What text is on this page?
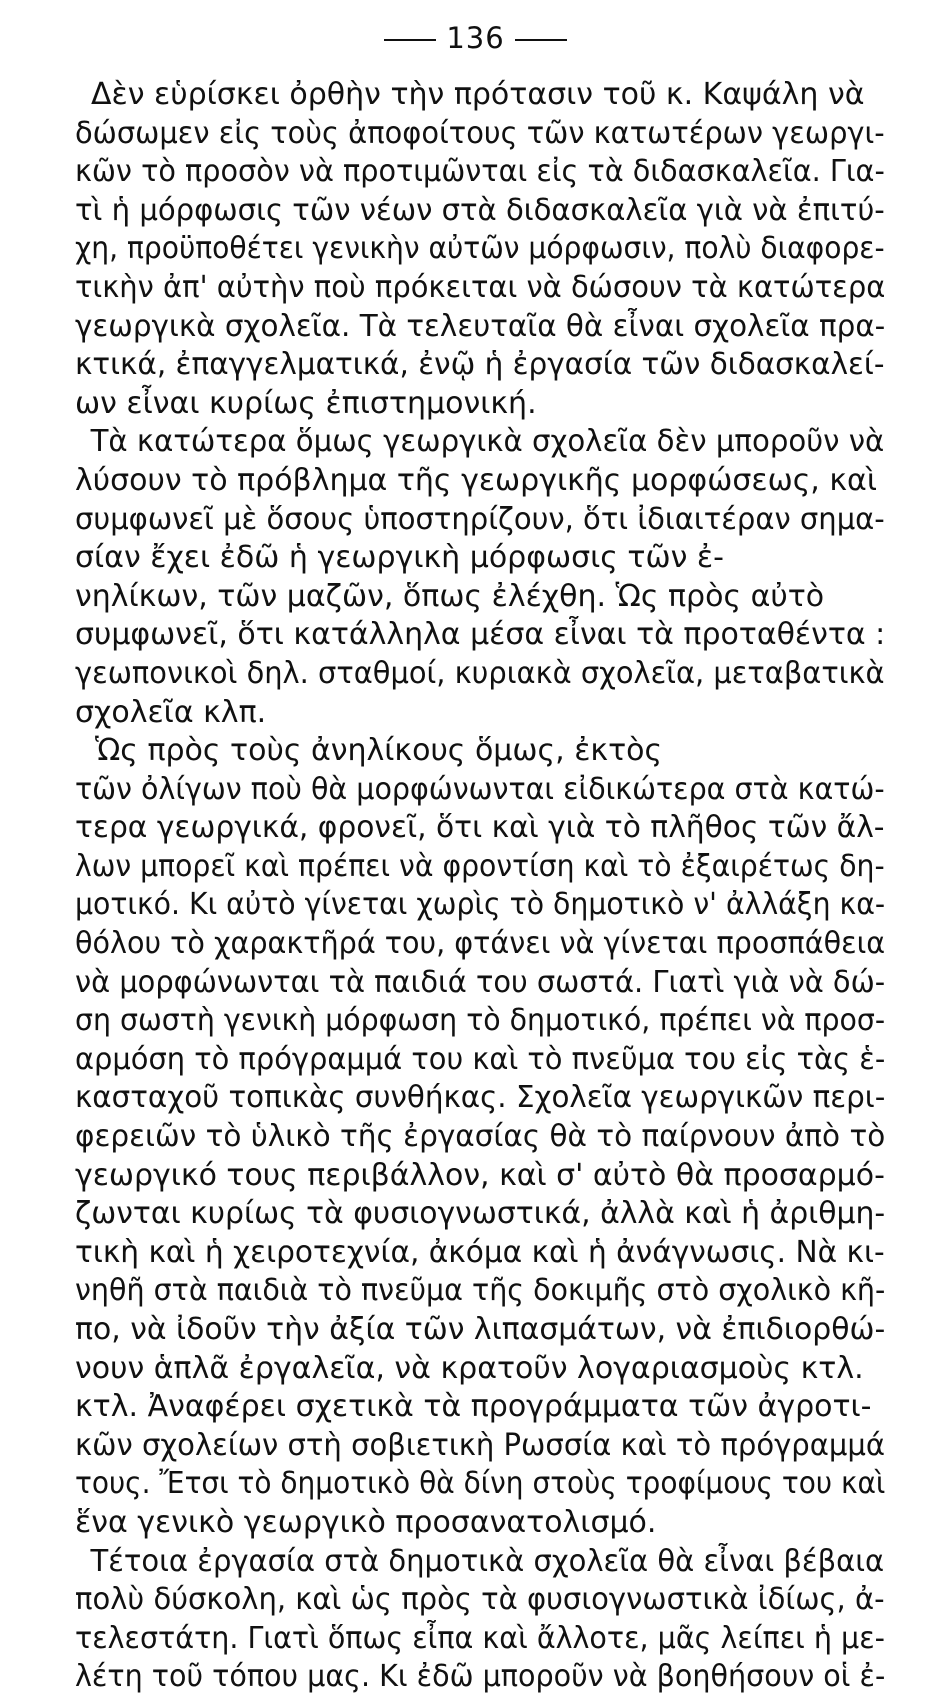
136
Δὲν εὑρίσκει ὀρθὴν τὴν πρότασιν τοῦ κ. Καψάλη νὰ
δώσωμεν εἰς τοὺς ἀποφοίτους τῶν κατωτέρων γεωργι-
κῶν τὸ προσὸν νὰ προτιμῶνται εἰς τὰ διδασκαλεῖα. Για-
τὶ ἡ μόρφωσις τῶν νέων στὰ διδασκαλεῖα γιὰ νὰ ἐπιτύ-
χη, προϋποθέτει γενικὴν αὐτῶν μόρφωσιν, πολὺ διαφορε-
τικὴν ἀπ' αὐτὴν ποὺ πρόκειται νὰ δώσουν τὰ κατώτερα
γεωργικὰ σχολεῖα. Τὰ τελευταῖα θὰ εἶναι σχολεῖα πρα-
κτικά, ἐπαγγελματικά, ἐνῷ ἡ ἐργασία τῶν διδασκαλεί-
ων εἶναι κυρίως ἐπιστημονική.
Τὰ κατώτερα ὅμως γεωργικὰ σχολεῖα δὲν μποροῦν νὰ
λύσουν τὸ πρόβλημα τῆς γεωργικῆς μορφώσεως, καὶ
συμφωνεῖ μὲ ὅσους ὑποστηρίζουν, ὅτι ἰδιαιτέραν σημα-
σίαν ἔχει ἐδῶ ἡ γεωργικὴ μόρφωσις τῶν ἐ-
νηλίκων, τῶν μαζῶν, ὅπως ἐλέχθη. Ὡς πρὸς αὐτὸ
συμφωνεῖ, ὅτι κατάλληλα μέσα εἶναι τὰ προταθέντα :
γεωπονικοὶ δηλ. σταθμοί, κυριακὰ σχολεῖα, μεταβατικὰ
σχολεῖα κλπ.
Ὡς πρὸς τοὺς ἀνηλίκους ὅμως, ἐκτὸς
τῶν ὀλίγων ποὺ θὰ μορφώνωνται εἰδικώτερα στὰ κατώ-
τερα γεωργικά, φρονεῖ, ὅτι καὶ γιὰ τὸ πλῆθος τῶν ἄλ-
λων μπορεῖ καὶ πρέπει νὰ φροντίση καὶ τὸ ἐξαιρέτως δη-
μοτικό. Κι αὐτὸ γίνεται χωρὶς τὸ δημοτικὸ ν' ἀλλάξη κα-
θόλου τὸ χαρακτῆρά του, φτάνει νὰ γίνεται προσπάθεια
νὰ μορφώνωνται τὰ παιδιά του σωστά. Γιατὶ γιὰ νὰ δώ-
ση σωστὴ γενικὴ μόρφωση τὸ δημοτικό, πρέπει νὰ προσ-
αρμόση τὸ πρόγραμμά του καὶ τὸ πνεῦμα του εἰς τὰς ἑ-
κασταχοῦ τοπικὰς συνθήκας. Σχολεῖα γεωργικῶν περι-
φερειῶν τὸ ὑλικὸ τῆς ἐργασίας θὰ τὸ παίρνουν ἀπὸ τὸ
γεωργικό τους περιβάλλον, καὶ σ' αὐτὸ θὰ προσαρμό-
ζωνται κυρίως τὰ φυσιογνωστικά, ἀλλὰ καὶ ἡ ἀριθμη-
τικὴ καὶ ἡ χειροτεχνία, ἀκόμα καὶ ἡ ἀνάγνωσις. Νὰ κι-
νηθῆ στὰ παιδιὰ τὸ πνεῦμα τῆς δοκιμῆς στὸ σχολικὸ κῆ-
πο, νὰ ἰδοῦν τὴν ἀξία τῶν λιπασμάτων, νὰ ἐπιδιορθώ-
νουν ἁπλᾶ ἐργαλεῖα, νὰ κρατοῦν λογαριασμοὺς κτλ.
κτλ. Ἀναφέρει σχετικὰ τὰ προγράμματα τῶν ἀγροτι-
κῶν σχολείων στὴ σοβιετικὴ Ρωσσία καὶ τὸ πρόγραμμά
τους. Ἔτσι τὸ δημοτικὸ θὰ δίνη στοὺς τροφίμους του καὶ
ἕνα γενικὸ γεωργικὸ προσανατολισμό.
Τέτοια ἐργασία στὰ δημοτικὰ σχολεῖα θὰ εἶναι βέβαια
πολὺ δύσκολη, καὶ ὡς πρὸς τὰ φυσιογνωστικὰ ἰδίως, ἀ-
τελεστάτη. Γιατὶ ὅπως εἶπα καὶ ἄλλοτε, μᾶς λείπει ἡ με-
λέτη τοῦ τόπου μας. Κι ἐδῶ μποροῦν νὰ βοηθήσουν οἱ ἐ-
